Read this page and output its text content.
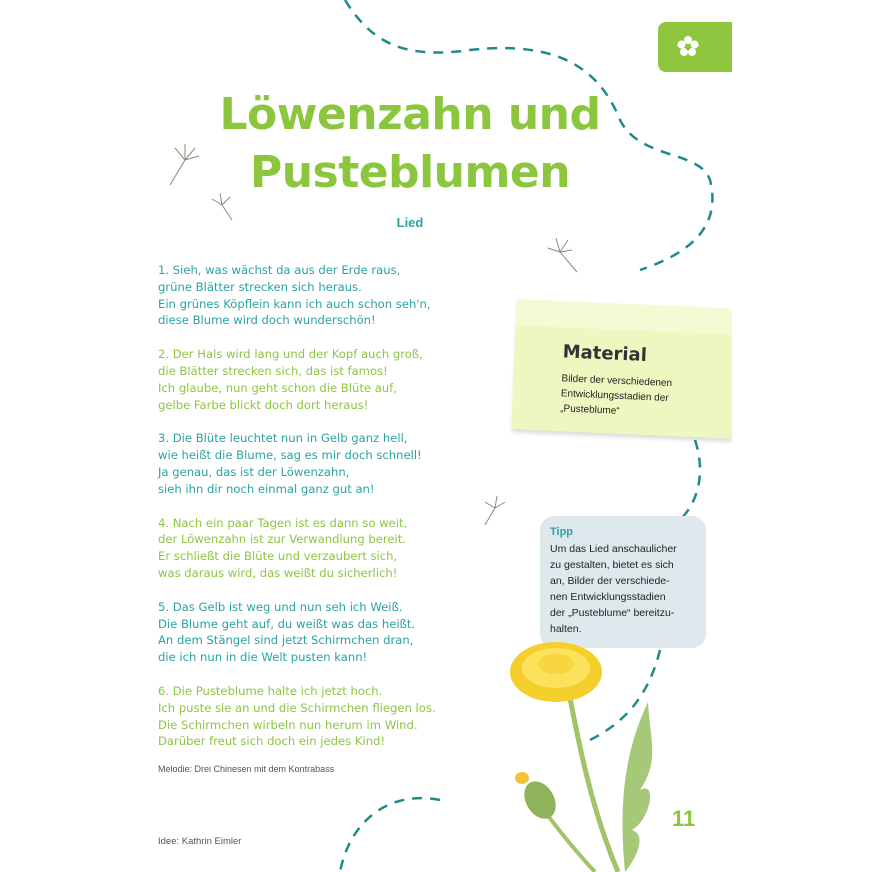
Löwenzahn und
Pusteblumen
Lied
1. Sieh, was wächst da aus der Erde raus,
grüne Blätter strecken sich heraus.
Ein grünes Köpflein kann ich auch schon seh'n,
diese Blume wird doch wunderschön!
2. Der Hals wird lang und der Kopf auch groß,
die Blätter strecken sich, das ist famos!
Ich glaube, nun geht schon die Blüte auf,
gelbe Farbe blickt doch dort heraus!
3. Die Blüte leuchtet nun in Gelb ganz hell,
wie heißt die Blume, sag es mir doch schnell!
Ja genau, das ist der Löwenzahn,
sieh ihn dir noch einmal ganz gut an!
4. Nach ein paar Tagen ist es dann so weit,
der Löwenzahn ist zur Verwandlung bereit.
Er schließt die Blüte und verzaubert sich,
was daraus wird, das weißt du sicherlich!
5. Das Gelb ist weg und nun seh ich Weiß.
Die Blume geht auf, du weißt was das heißt.
An dem Stängel sind jetzt Schirmchen dran,
die ich nun in die Welt pusten kann!
6. Die Pusteblume halte ich jetzt hoch.
Ich puste sie an und die Schirmchen fliegen los.
Die Schirmchen wirbeln nun herum im Wind.
Darüber freut sich doch ein jedes Kind!
Melodie: Drei Chinesen mit dem Kontrabass
Idee: Kathrin Eimler
Material
Bilder der verschiedenen
Entwicklungsstadien der
„Pusteblume“
Tipp
Um das Lied anschaulicher
zu gestalten, bietet es sich
an, Bilder der verschiede-
nen Entwicklungsstadien
der „Pusteblume“ bereitzu-
halten.
11
